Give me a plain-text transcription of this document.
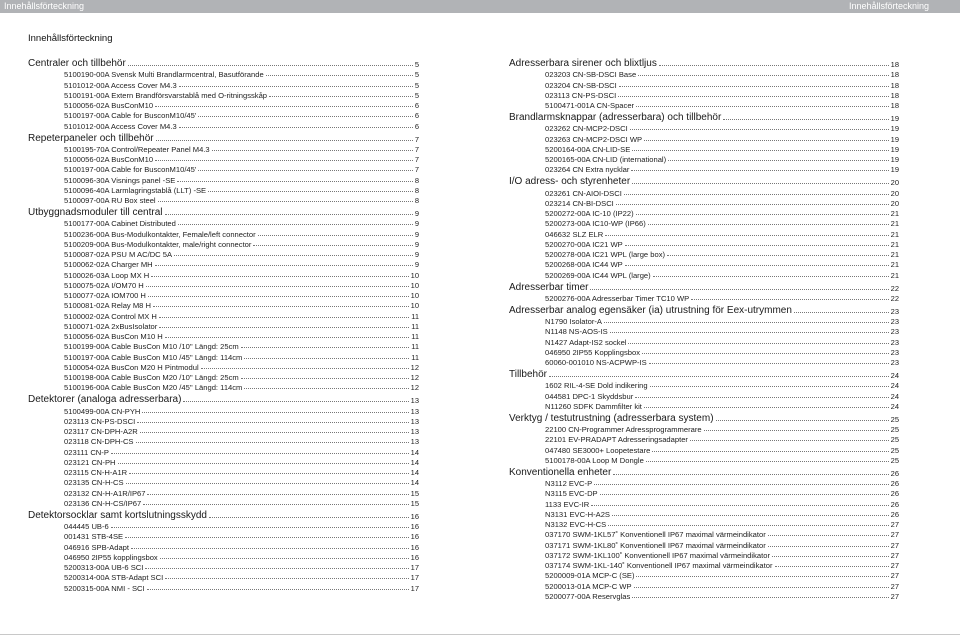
Innehållsförteckning	Innehållsförteckning
Innehållsförteckning
Centraler och tillbehör	5
5100190-00A Svensk Multi Brandlarmcentral, Basutförande	5
5101012-00A Access Cover M4.3	5
5100191-00A Extern Brandförsvarstablå med O-ritningsskåp	5
5100056-02A BusConM10	6
5100197-00A Cable for BusconM10/45'	6
5101012-00A Access Cover M4.3	6
Repeterpaneler och tillbehör	7
5100195-70A Control/Repeater Panel M4.3	7
5100056-02A BusConM10	7
5100197-00A Cable for BusconM10/45'	7
5100096-30A Visnings panel -SE	8
5100096-40A Larmlagringstablå (LLT) -SE	8
5100097-00A RU Box steel	8
Utbyggnadsmoduler till central	9
5100177-00A Cabinet Distributed	9
5100236-00A Bus-Modulkontakter, Female/left connector	9
5100209-00A Bus-Modulkontakter, male/right connector	9
5100087-02A PSU M AC/DC 5A	9
5100062-02A Charger MH	9
5100026-03A Loop MX H	10
5100075-02A I/OM70 H	10
5100077-02A IOM700 H	10
5100081-02A Relay M8 H	10
5100002-02A Control MX H	11
5100071-02A 2xBusIsolator	11
5100056-02A BusCon M10 H	11
5100199-00A Cable BusCon M10 /10'' Längd: 25cm	11
5100197-00A Cable BusCon M10 /45'' Längd: 114cm	11
5100054-02A BusCon M20 H Pintmodul	12
5100198-00A Cable BusCon M20 /10'' Längd: 25cm	12
5100196-00A Cable BusCon M20 /45'' Längd: 114cm	12
Detektorer (analoga adresserbara)	13
5100499-00A CN-PYH	13
023113 CN-PS-DSCI	13
023117 CN-DPH-A2R	13
023118 CN-DPH-CS	13
023111 CN-P	14
023121 CN-PH	14
023115 CN-H-A1R	14
023135 CN-H-CS	14
023132 CN-H-A1R/IP67	15
023136 CN-H-CS/IP67	15
Detektorsocklar samt kortslutningsskydd	16
044445 UB-6	16
001431 STB-4SE	16
046916 SPB-Adapt	16
046950 2IP55 kopplingsbox	16
5200313-00A UB-6 SCI	17
5200314-00A STB-Adapt SCI	17
5200315-00A NMI - SCI	17
Adresserbara sirener och blixtljus	18
023203 CN-SB-DSCI Base	18
023204 CN-SB-DSCI	18
023113 CN-PS-DSCI	18
5100471-001A CN-Spacer	18
Brandlarmsknappar (adresserbara) och tillbehör	19
023262 CN-MCP2-DSCI	19
023263 CN-MCP2-DSCI WP	19
5200164-00A CN-LID-SE	19
5200165-00A CN-LID (international)	19
023264 CN Extra nycklar	19
I/O adress- och styrenheter	20
023261 CN-AIOI-DSCI	20
023214 CN-BI-DSCI	20
5200272-00A IC-10 (IP22)	21
5200273-00A IC10-WP (IP66)	21
046632 SLZ ELR	21
5200270-00A IC21 WP	21
5200278-00A IC21 WPL (large box)	21
5200268-00A IC44 WP	21
5200269-00A IC44 WPL (large)	21
Adresserbar timer	22
5200276-00A Adresserbar Timer TC10 WP	22
Adresserbar analog egensäker (ia) utrustning för Eex-utrymmen	23
N1790 Isolator-A	23
N1148 NS-AOS-IS	23
N1427 Adapt-IS2 sockel	23
046950 2IP55 Kopplingsbox	23
60060-001010 NS-ACPWP-IS	23
Tillbehör	24
1602 RIL-4-SE Dold indikering	24
044581 DPC-1 Skyddsbur	24
N11260 SDFK Dammfilter kit	24
Verktyg / testutrustning (adresserbara system)	25
22100 CN-Programmer Adressprogrammerare	25
22101 EV-PRADAPT Adresseringsadapter	25
047480 SE3000+ Loopetestare	25
5100178-00A Loop M Dongle	25
Konventionella enheter	26
N3112 EVC-P	26
N3115 EVC-DP	26
1133 EVC-IR	26
N3131 EVC-H-A2S	26
N3132 EVC-H-CS	27
037170 SWM-1KL57˚ Konventionell IP67 maximal värmeindikator	27
037171 SWM-1KL80˚ Konventionell IP67 maximal värmeindikator	27
037172 SWM-1KL100˚ Konventionell IP67 maximal värmeindikator	27
037174 SWM-1KL-140˚ Konventionell IP67 maximal värmeindikator	27
5200009-01A MCP-C (SE)	27
5200013-01A MCP-C WP	27
5200077-00A Reservglas	27
